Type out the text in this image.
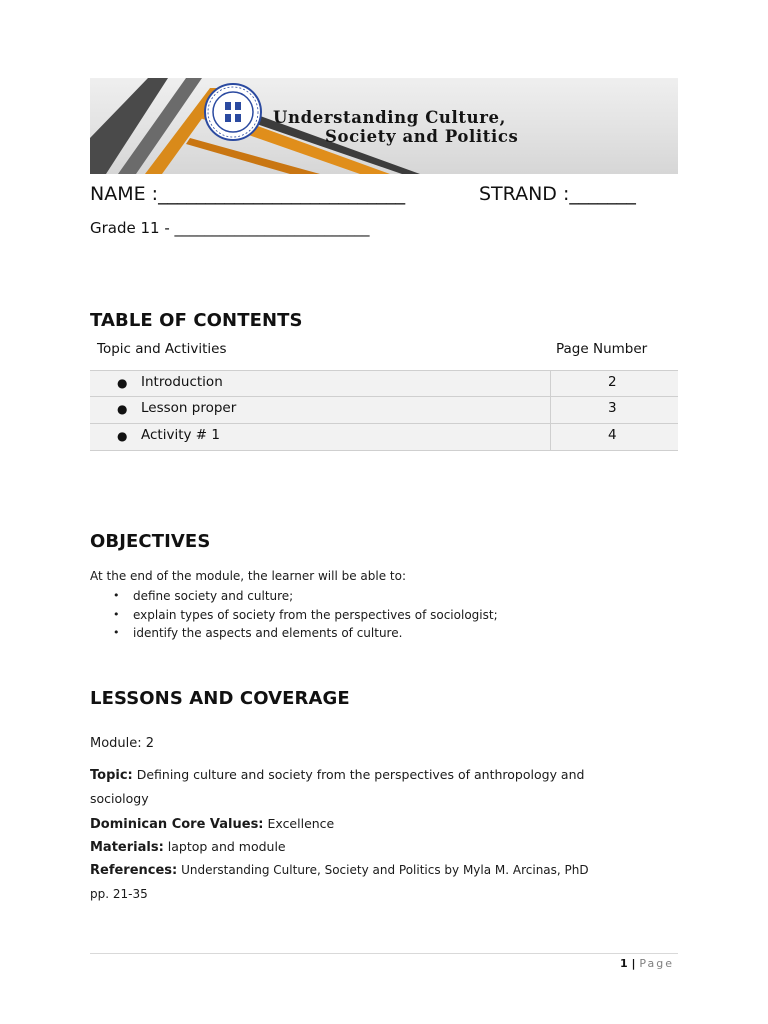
Understanding Culture,
Society and Politics
NAME :__________________________	STRAND :_______
Grade 11 - __________________________
TABLE OF CONTENTS
Topic and Activities	Page Number
● Introduction	2
● Lesson proper	3
● Activity # 1	4
OBJECTIVES
At the end of the module, the learner will be able to:
• define society and culture;
• explain types of society from the perspectives of sociologist;
• identify the aspects and elements of culture.
LESSONS AND COVERAGE
Module: 2
Topic: Defining culture and society from the perspectives of anthropology and
sociology
Dominican Core Values: Excellence
Materials: laptop and module
References: Understanding Culture, Society and Politics by Myla M. Arcinas, PhD
pp. 21-35
1 | Page
